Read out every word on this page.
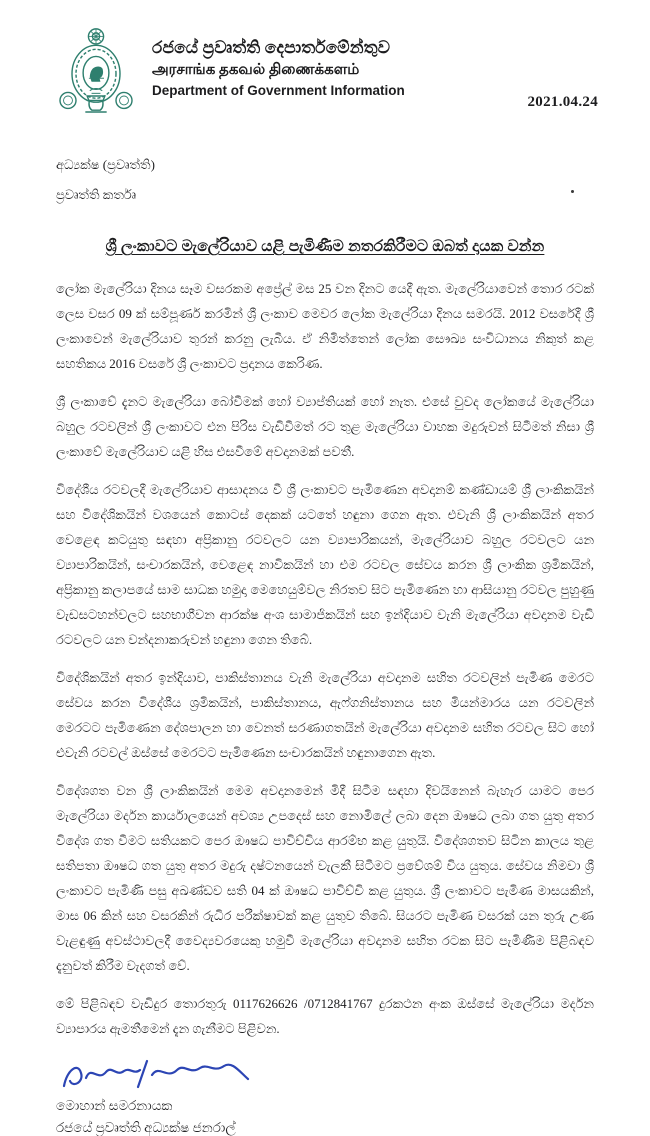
රජයේ ප්‍රවෘත්ති දෙපාර්තමේන්තුව
அரசாங்க தகவல் திணைக்களம்
Department of Government Information
2021.04.24
අධ්‍යක්ෂ (ප්‍රවෘත්ති)
ප්‍රවෘත්ති කර්තෘ
ශ්‍රී ලංකාවට මැලේරියාව යළි පැමිණීම නතරකිරීමට ඔබත් දායක වන්න

ලෝක මැලේරියා දිනය සෑම වසරකම අප්‍රේල් මස 25 වන දිනට යෙදී ඇත. මැලේරියාවෙන් තොර රටක් ලෙස වසර 09 ක් සම්පූර්ණ කරමින් ශ්‍රී ලංකාව මෙවර ලෝක මැලේරියා දිනය සමරයි. 2012 වසරේදී ශ්‍රී ලංකාවෙන් මැලේරියාව තුරන් කරනු ලැබීය. ඒ නිමිත්තෙන් ලෝක සෞඛ්‍ය සංවිධානය නිකුත් කළ සහතිකය 2016 වසරේ ශ්‍රී ලංකාවට ප්‍රදානය කෙරිණ.

ශ්‍රී ලංකාවේ දැනට මැලේරියා බෝවීමක් හෝ ව්‍යාප්තියක් හෝ නැත. එසේ වුවද ලෝකයේ මැලේරියා බහුල රටවලින් ශ්‍රී ලංකාවට එන පිරිස වැඩිවීමත් රට තුළ මැලේරියා වාහක මදුරුවන් සිටීමත් නිසා ශ්‍රී ලංකාවේ මැලේරියාව යළි හිස එසවීමේ අවදානමක් පවතී.

විදේශීය රටවලදී මැලේරියාව ආසාදනය වී ශ්‍රී ලංකාවට පැමිණෙන අවදානම් කණ්ඩායම් ශ්‍රී ලාංකිකයින් සහ විදේශිකයින් වශයෙන් කොටස් දෙකක් යටතේ හඳුනා ගෙන ඇත. එවැනි ශ්‍රී ලාංකිකයින් අතර වෙළෙඳ කටයුතු සඳහා අප්‍රිකානු රටවලට යන ව්‍යාපාරිකයන්, මැලේරියාව බහුල රටවලට යන ව්‍යාපාරිකයින්, සංචාරකයින්, වෙළෙඳ නාවිකයින් හා එම රටවල සේවය කරන ශ්‍රී ලාංකික ශ්‍රමිකයින්, අප්‍රිකානු කලාපයේ සාම සාධක හමුදා මෙහෙයුම්වල නිරතව සිට පැමිණෙන හා ආසියානු රටවල පුහුණු වැඩසටහන්වලට සහභාගීවන ආරක්ෂ අංශ සාමාජිකයින් සහ ඉන්දියාව වැනි මැලේරියා අවදානම වැඩි රටවලට යන වන්දනාකරුවන් හඳුනා ගෙන තිබේ.

විදේශිකයින් අතර ඉන්දියාව, පාකිස්තානය වැනි මැලේරියා අවදානම සහිත රටවලින් පැමිණ මෙරට සේවය කරන විදේශීය ශ්‍රමිකයින්, පාකිස්තානය, ඇෆ්ගනිස්තානය සහ මියන්මාරය යන රටවලින් මෙරටට පැමිණෙන දේශපාලන හා වෙනත් සරණාගතයින් මැලේරියා අවදානම සහිත රටවල සිට හෝ එවැනි රටවල් ඔස්සේ මෙරටට පැමිණෙන සංචාරකයින් හඳුනාගෙන ඇත.

විදේශගත වන ශ්‍රී ලාංකිකයින් මෙම අවදානමෙන් මිදී සිටීම සඳහා දිවයිනෙන් බැහැර යාමට පෙර මැලේරියා මර්දන කාර්යාලයෙන් අවශ්‍ය උපදෙස් සහ නොමිලේ ලබා දෙන ඖෂධ ලබා ගත යුතු අතර විදේශ ගත වීමට සතියකට පෙර ඖෂධ පාවිච්චිය ආරම්භ කළ යුතුයි. විදේශගතව සිටින කාලය තුළ සතිපතා ඖෂධ ගත යුතු අතර මදුරු දෂ්ටනයෙන් වැලකී සිටීමට ප්‍රවේශම් විය යුතුය. සේවය නිමවා ශ්‍රී ලංකාවට පැමිණි පසු අඛණ්ඩව සති 04 ක් ඖෂධ පාවිච්චි කළ යුතුය. ශ්‍රී ලංකාවට පැමිණ මාසයකින්, මාස 06 කින් සහ වසරකින් රුධිර පරීක්ෂාවක් කළ යුතුව තිබේ. සියරට පැමිණ වසරක් යන තුරු උණ වැළඳුණු අවස්ථාවලදී වෛද්‍යවරයෙකු හමුවී මැලේරියා අවදානම සහිත රටක සිට පැමිණීම පිළිබඳව දැනුවත් කිරීම වැදගත් වේ.

මේ පිළිබඳව වැඩිදුර තොරතුරු 0117626626 /0712841767 දුරකථන අංක ඔස්සේ මැලේරියා මර්දන ව්‍යාපාරය ඇමතීමෙන් දැන ගැනීමට පිළිවන.

මොහාන් සමරනායක
රජයේ ප්‍රවෘත්ති අධ්‍යක්ෂ ජනරාල්
